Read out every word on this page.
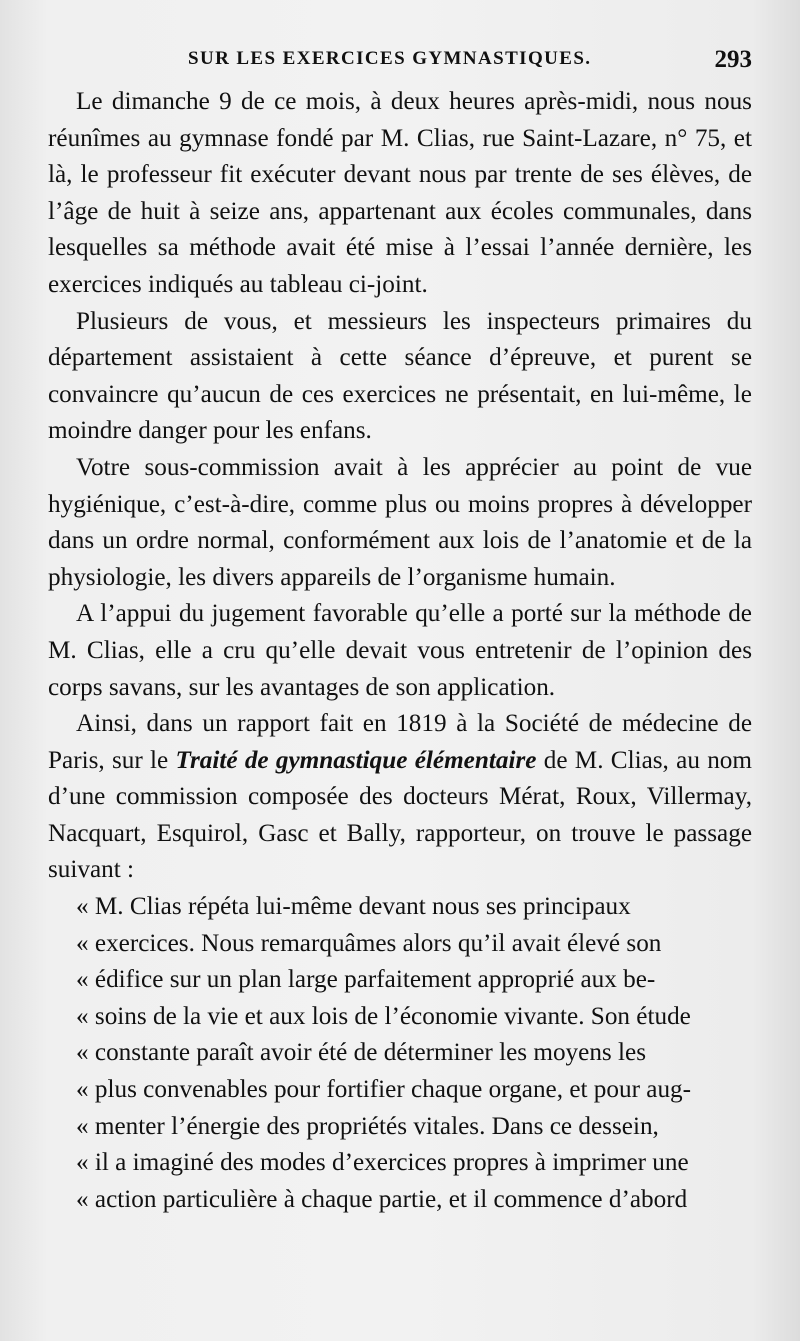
SUR LES EXERCICES GYMNASTIQUES.	293

Le dimanche 9 de ce mois, à deux heures après-midi, nous nous réunîmes au gymnase fondé par M. Clias, rue Saint-Lazare, n° 75, et là, le professeur fit exécuter devant nous par trente de ses élèves, de l’âge de huit à seize ans, appartenant aux écoles communales, dans lesquelles sa méthode avait été mise à l’essai l’année dernière, les exercices indiqués au tableau ci-joint.

Plusieurs de vous, et messieurs les inspecteurs primaires du département assistaient à cette séance d’épreuve, et purent se convaincre qu’aucun de ces exercices ne présentait, en lui-même, le moindre danger pour les enfans.

Votre sous-commission avait à les apprécier au point de vue hygiénique, c’est-à-dire, comme plus ou moins propres à développer dans un ordre normal, conformément aux lois de l’anatomie et de la physiologie, les divers appareils de l’organisme humain.

A l’appui du jugement favorable qu’elle a porté sur la méthode de M. Clias, elle a cru qu’elle devait vous entretenir de l’opinion des corps savans, sur les avantages de son application.

Ainsi, dans un rapport fait en 1819 à la Société de médecine de Paris, sur le Traité de gymnastique élémentaire de M. Clias, au nom d’une commission composée des docteurs Mérat, Roux, Villermay, Nacquart, Esquirol, Gasc et Bally, rapporteur, on trouve le passage suivant :

« M. Clias répéta lui-même devant nous ses principaux

« exercices. Nous remarquâmes alors qu’il avait élevé son

« édifice sur un plan large parfaitement approprié aux be-

« soins de la vie et aux lois de l’économie vivante. Son étude

« constante paraît avoir été de déterminer les moyens les

« plus convenables pour fortifier chaque organe, et pour aug-

« menter l’énergie des propriétés vitales. Dans ce dessein,

« il a imaginé des modes d’exercices propres à imprimer une

« action particulière à chaque partie, et il commence d’abord
